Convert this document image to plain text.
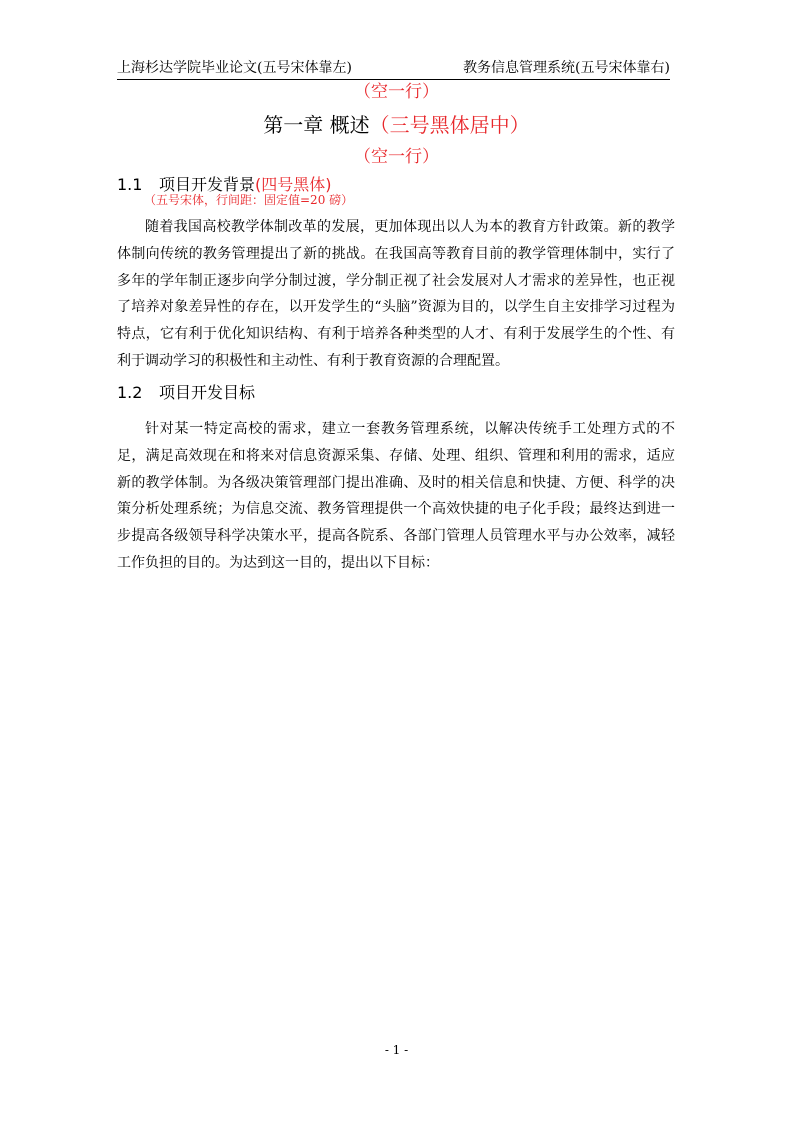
上海杉达学院毕业论文(五号宋体靠左)	教务信息管理系统(五号宋体靠右)
（空一行）
第一章 概述（三号黑体居中）
（空一行）
1.1 项目开发背景(四号黑体)
（五号宋体，行间距：固定值=20 磅）

随着我国高校教学体制改革的发展，更加体现出以人为本的教育方针政策。新的教学体制向传统的教务管理提出了新的挑战。在我国高等教育目前的教学管理体制中，实行了多年的学年制正逐步向学分制过渡，学分制正视了社会发展对人才需求的差异性，也正视了培养对象差异性的存在，以开发学生的“头脑”资源为目的，以学生自主安排学习过程为特点，它有利于优化知识结构、有利于培养各种类型的人才、有利于发展学生的个性、有利于调动学习的积极性和主动性、有利于教育资源的合理配置。

1.2 项目开发目标

针对某一特定高校的需求，建立一套教务管理系统，以解决传统手工处理方式的不足，满足高效现在和将来对信息资源采集、存储、处理、组织、管理和利用的需求，适应新的教学体制。为各级决策管理部门提出准确、及时的相关信息和快捷、方便、科学的决策分析处理系统；为信息交流、教务管理提供一个高效快捷的电子化手段；最终达到进一步提高各级领导科学决策水平，提高各院系、各部门管理人员管理水平与办公效率，减轻工作负担的目的。为达到这一目的，提出以下目标：

- 1 -
